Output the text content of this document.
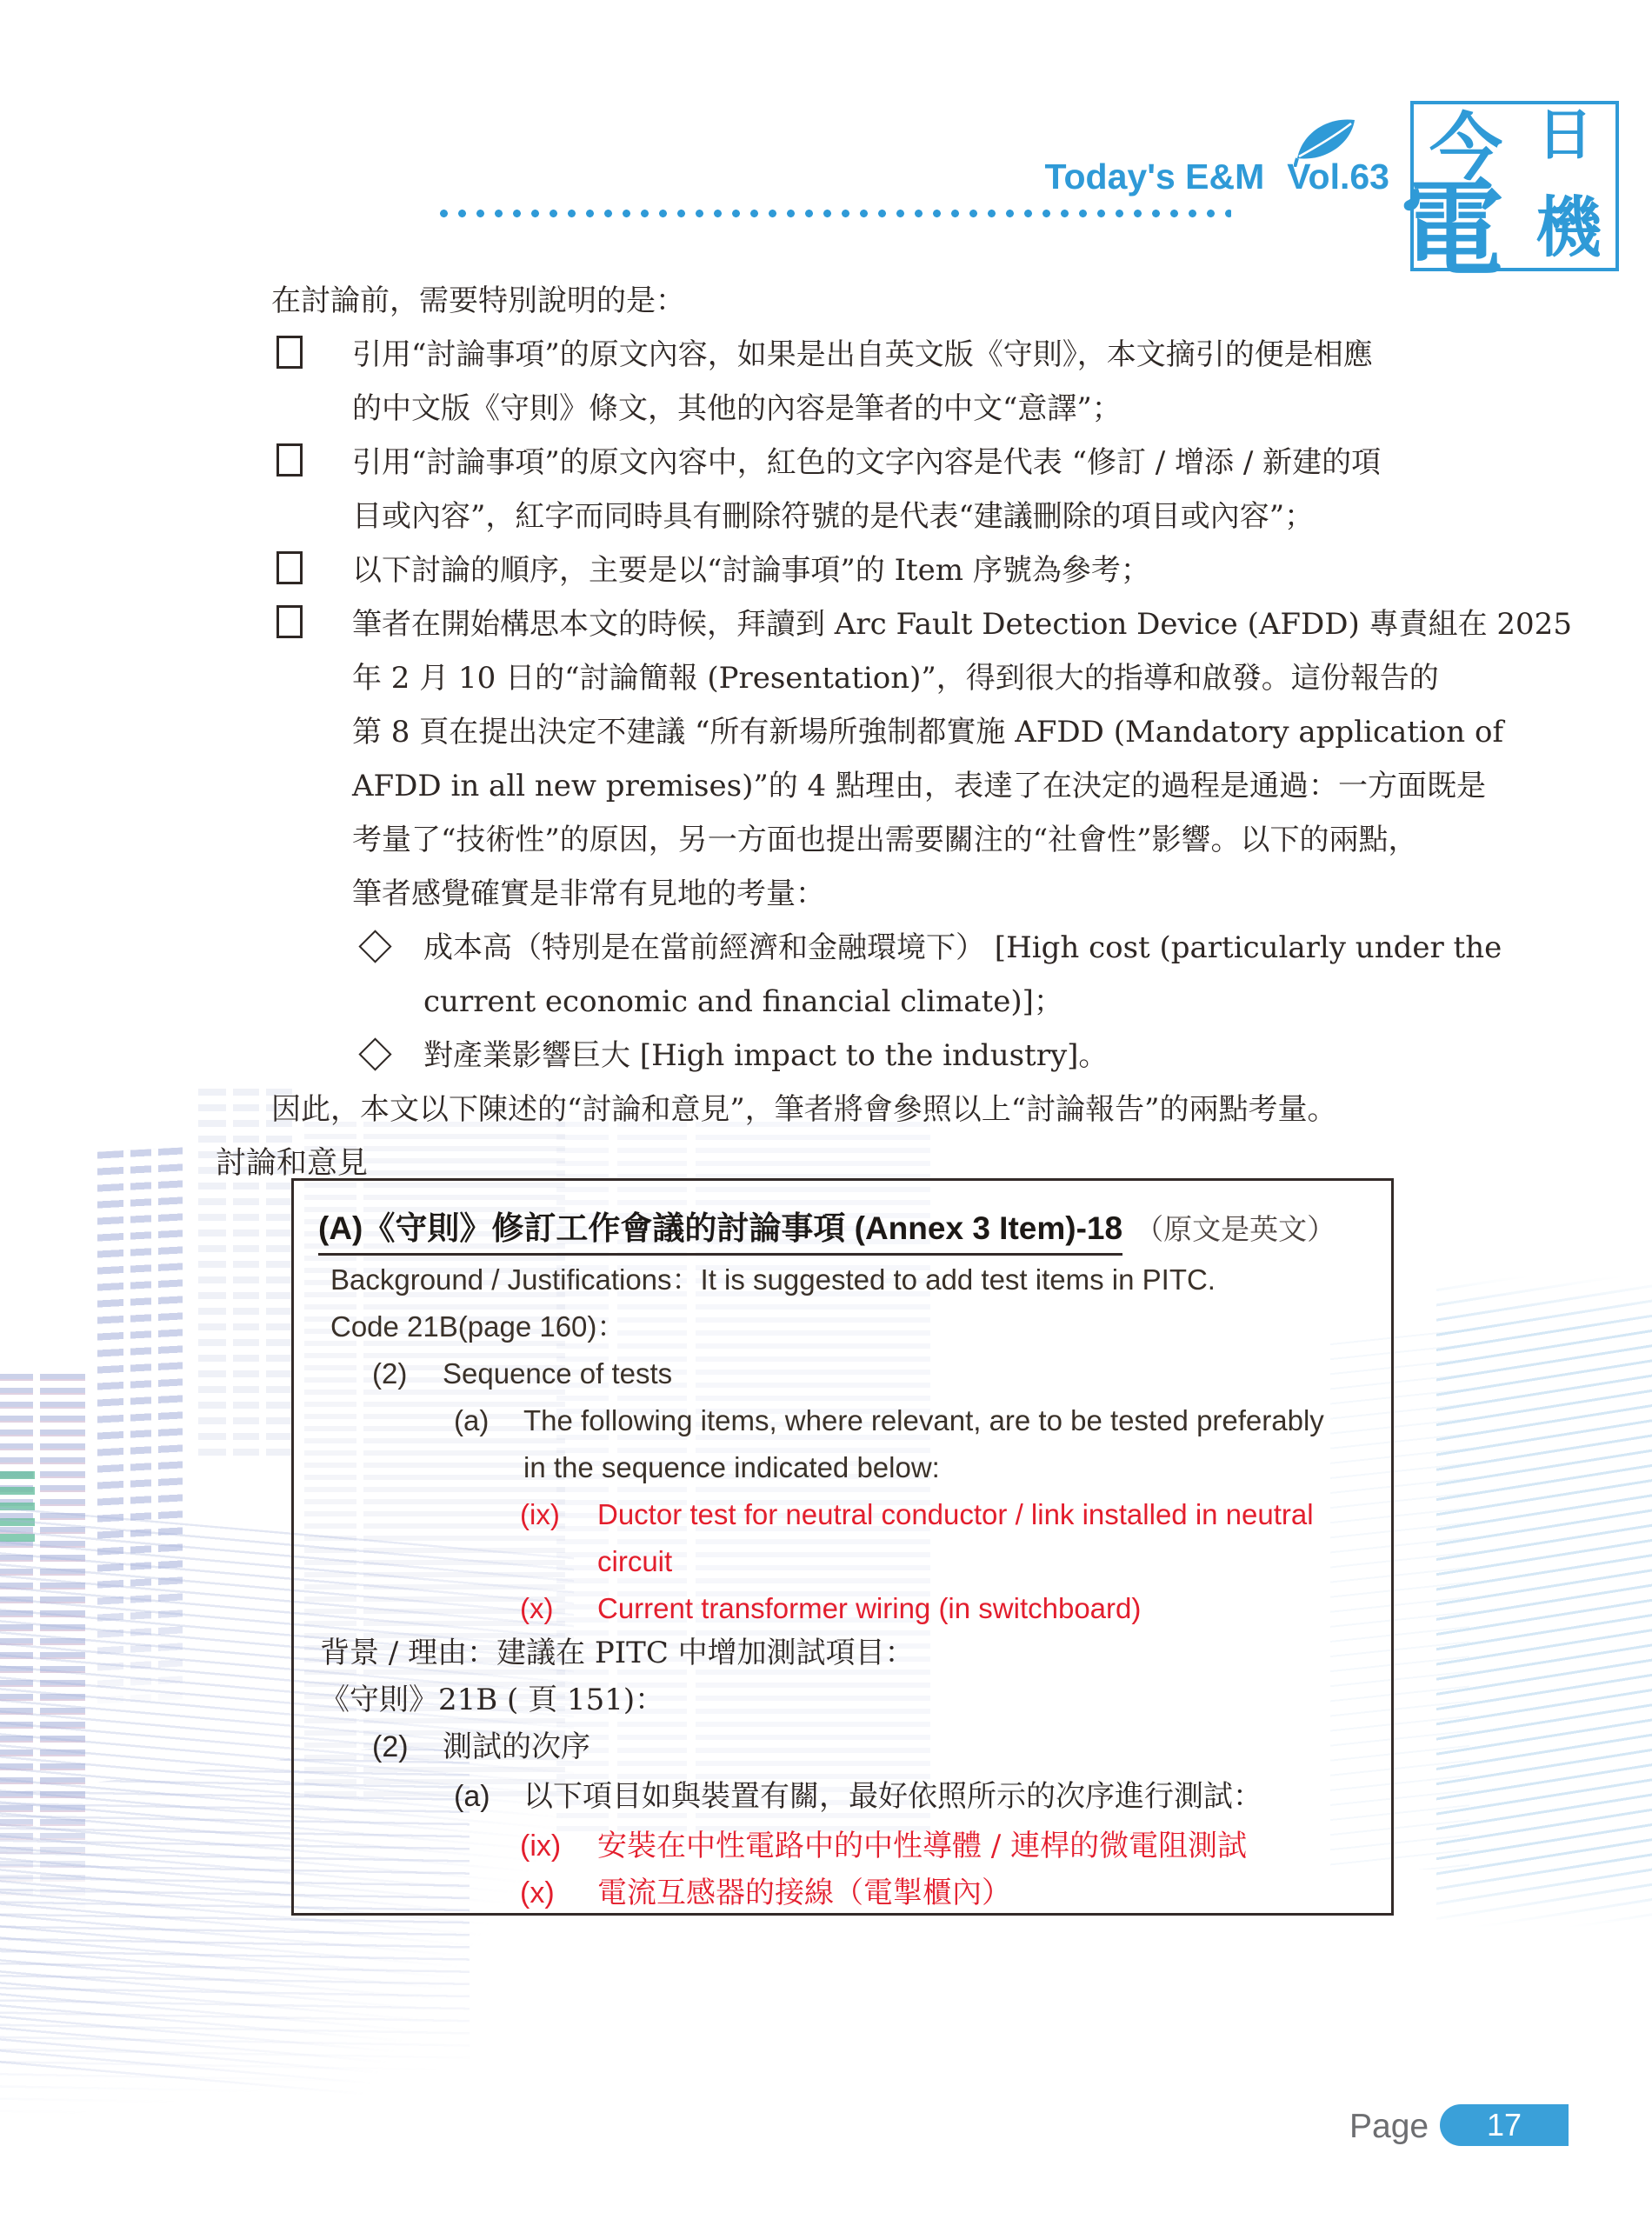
Today's E&M Vol.63 今 日
電 機
在討論前，需要特別說明的是：
引用“討論事項”的原文內容，如果是出自英文版《守則》，本文摘引的便是相應
的中文版《守則》條文，其他的內容是筆者的中文“意譯”；
引用“討論事項”的原文內容中，紅色的文字內容是代表 “修訂 / 增添 / 新建的項
目或內容”，紅字而同時具有刪除符號的是代表“建議刪除的項目或內容”；
以下討論的順序，主要是以“討論事項”的 Item 序號為參考；
筆者在開始構思本文的時候，拜讀到 Arc Fault Detection Device (AFDD) 專責組在 2025
年 2 月 10 日的“討論簡報 (Presentation)”，得到很大的指導和啟發。這份報告的
第 8 頁在提出決定不建議 “所有新場所強制都實施 AFDD (Mandatory application of
AFDD in all new premises)”的 4 點理由，表達了在決定的過程是通過：一方面既是
考量了“技術性”的原因，另一方面也提出需要關注的“社會性”影響。以下的兩點，
筆者感覺確實是非常有見地的考量：
成本高（特別是在當前經濟和金融環境下） [High cost (particularly under the
current economic and financial climate)]；
對產業影響巨大 [High impact to the industry]。
因此，本文以下陳述的“討論和意見”，筆者將會參照以上“討論報告”的兩點考量。
討論和意見
(A)《守則》修訂工作會議的討論事項 (Annex 3 Item)-18 （原文是英文）
Background / Justifications：It is suggested to add test items in PITC.
Code 21B(page 160)：
(2) Sequence of tests
(a) The following items, where relevant, are to be tested preferably
in the sequence indicated below:
(ix) Ductor test for neutral conductor / link installed in neutral
circuit
(x) Current transformer wiring (in switchboard)
背景 / 理由：建議在 PITC 中增加測試項目：
《守則》21B ( 頁 151)：
(2) 測試的次序
(a) 以下項目如與裝置有關，最好依照所示的次序進行測試：
(ix) 安裝在中性電路中的中性導體 / 連桿的微電阻測試
(x) 電流互感器的接線（電掣櫃內）
Page	17
